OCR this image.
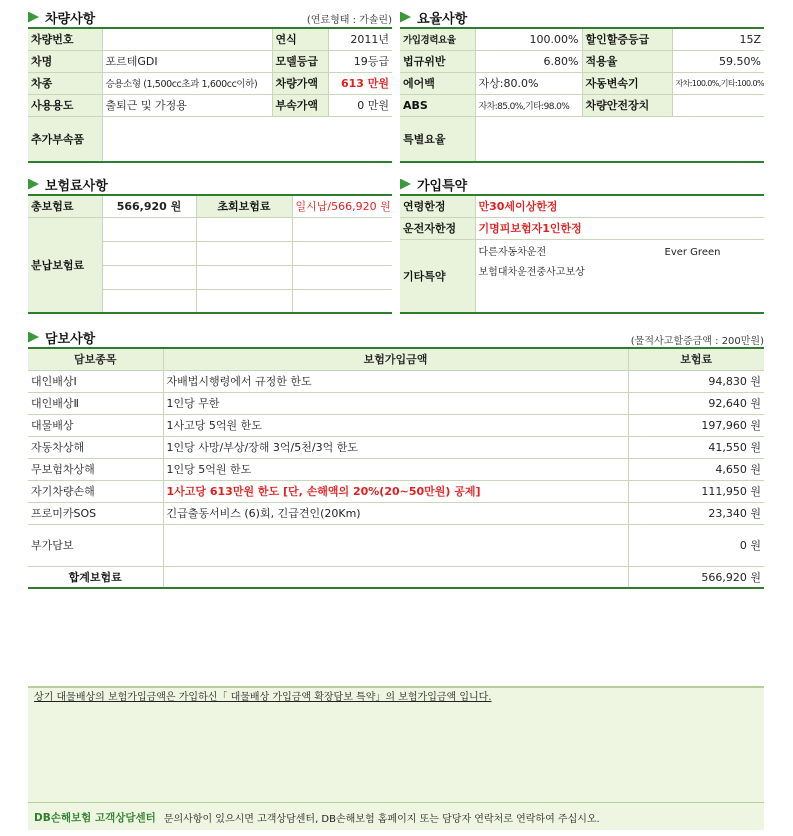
차량사항	(연료형태 : 가솔린)
차량번호		연식	2011년
차명	포르테GDI	모델등급	19등급
차종	승용소형 (1,500cc초과 1,600cc이하)	차량가액	613 만원
사용용도	출퇴근 및 가정용	부속가액	0 만원
추가부속품			
요율사항
가입경력요율	100.00%	할인할증등급	15Z
법규위반	6.80%	적용율	59.50%
에어백	자상:80.0%	자동변속기	자차:100.0%,기타:100.0%
ABS	자차:85.0%,기타:98.0%	차량안전장치	
특별요율			
보험료사항
총보험료	566,920 원	초회보험료	일시납/566,920 원
분납보험료			

가입특약
연령한정	만30세이상한정
운전자한정	기명피보험자1인한정
기타특약	다른자동차운전 Ever Green
보험대차운전중사고보상
담보사항	(물적사고할증금액 : 200만원)
담보종목	보험가입금액	보험료
대인배상Ⅰ	자배법시행령에서 규정한 한도	94,830 원
대인배상Ⅱ	1인당 무한	92,640 원
대물배상	1사고당 5억원 한도	197,960 원
자동차상해	1인당 사망/부상/장해 3억/5천/3억 한도	41,550 원
무보험차상해	1인당 5억원 한도	4,650 원
자기차량손해	1사고당 613만원 한도 [단, 손해액의 20%(20~50만원) 공제]	111,950 원
프로미카SOS	긴급출동서비스 (6)회, 긴급견인(20Km)	23,340 원
부가담보		0 원
합계보험료		566,920 원
상기 대물배상의 보험가입금액은 가입하신「 대물배상 가입금액 확장담보 특약」의 보험가입금액 입니다.
DB손해보험 고객상담센터 문의사항이 있으시면 고객상담센터, DB손해보험 홈페이지 또는 담당자 연락처로 연락하여 주십시오.
